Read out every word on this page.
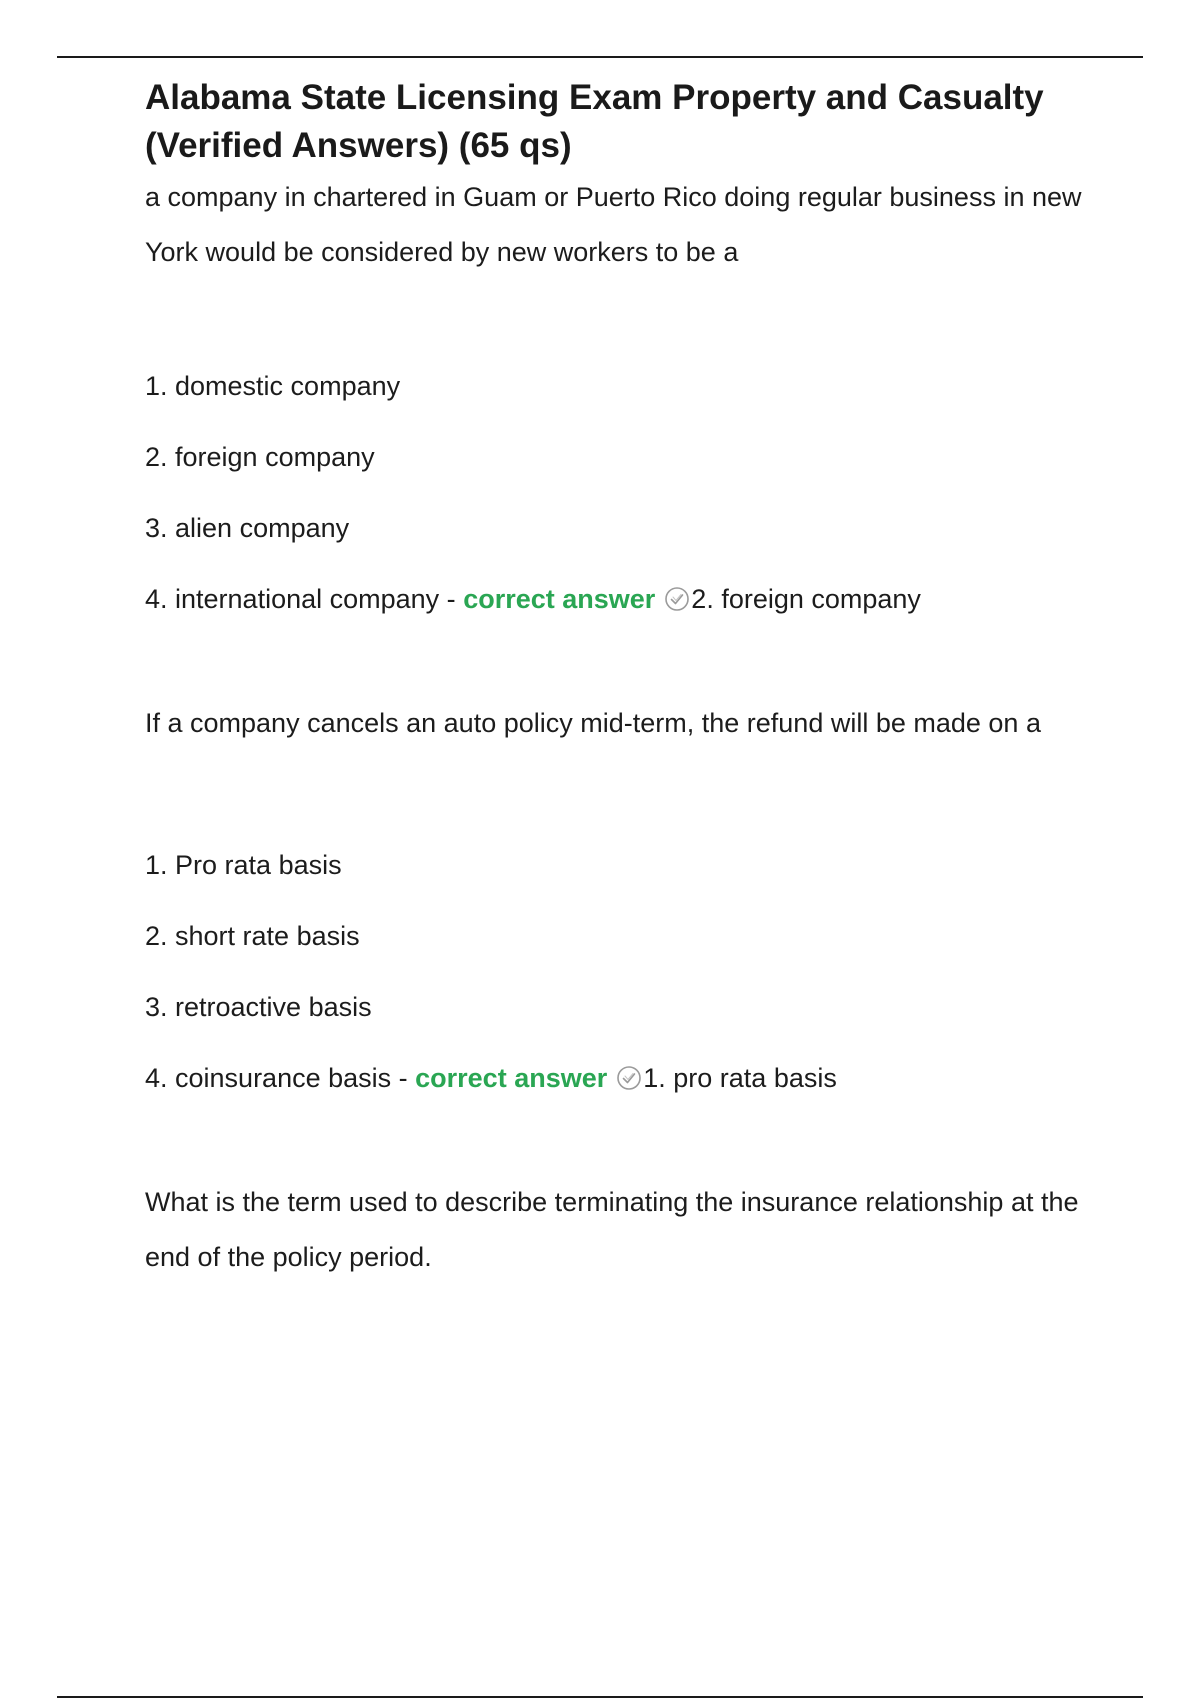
Alabama State Licensing Exam Property and Casualty (Verified Answers) (65 qs)

a company in chartered in Guam or Puerto Rico doing regular business in new York would be considered by new workers to be a

1. domestic company
2. foreign company
3. alien company
4. international company - correct answer 2. foreign company

If a company cancels an auto policy mid-term, the refund will be made on a

1. Pro rata basis
2. short rate basis
3. retroactive basis
4. coinsurance basis - correct answer 1. pro rata basis

What is the term used to describe terminating the insurance relationship at the end of the policy period.
